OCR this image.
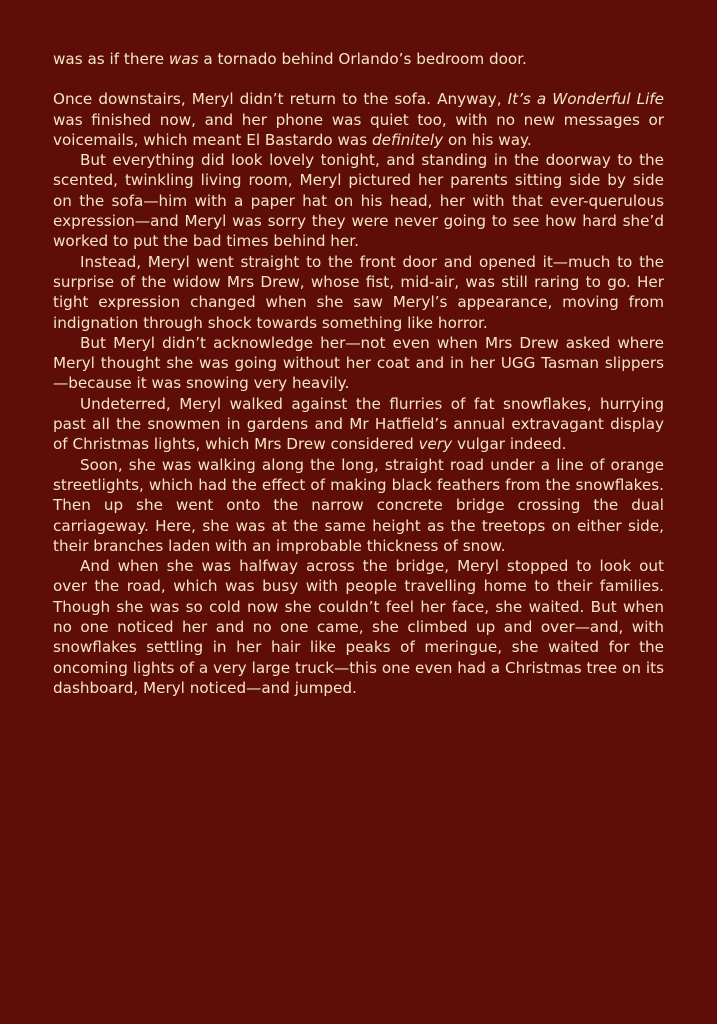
was as if there was a tornado behind Orlando’s bedroom door.

Once downstairs, Meryl didn’t return to the sofa. Anyway, It’s a Wonderful Life was finished now, and her phone was quiet too, with no new messages or voicemails, which meant El Bastardo was definitely on his way.

But everything did look lovely tonight, and standing in the doorway to the scented, twinkling living room, Meryl pictured her parents sitting side by side on the sofa—him with a paper hat on his head, her with that ever-querulous expression—and Meryl was sorry they were never going to see how hard she’d worked to put the bad times behind her.

Instead, Meryl went straight to the front door and opened it—much to the surprise of the widow Mrs Drew, whose fist, mid-air, was still raring to go. Her tight expression changed when she saw Meryl’s appearance, moving from indignation through shock towards something like horror.

But Meryl didn’t acknowledge her—not even when Mrs Drew asked where Meryl thought she was going without her coat and in her UGG Tasman slippers—because it was snowing very heavily.

Undeterred, Meryl walked against the flurries of fat snowflakes, hurrying past all the snowmen in gardens and Mr Hatfield’s annual extravagant display of Christmas lights, which Mrs Drew considered very vulgar indeed.

Soon, she was walking along the long, straight road under a line of orange streetlights, which had the effect of making black feathers from the snowflakes. Then up she went onto the narrow concrete bridge crossing the dual carriageway. Here, she was at the same height as the treetops on either side, their branches laden with an improbable thickness of snow.

And when she was halfway across the bridge, Meryl stopped to look out over the road, which was busy with people travelling home to their families. Though she was so cold now she couldn’t feel her face, she waited. But when no one noticed her and no one came, she climbed up and over—and, with snowflakes settling in her hair like peaks of meringue, she waited for the oncoming lights of a very large truck—this one even had a Christmas tree on its dashboard, Meryl noticed—and jumped.
